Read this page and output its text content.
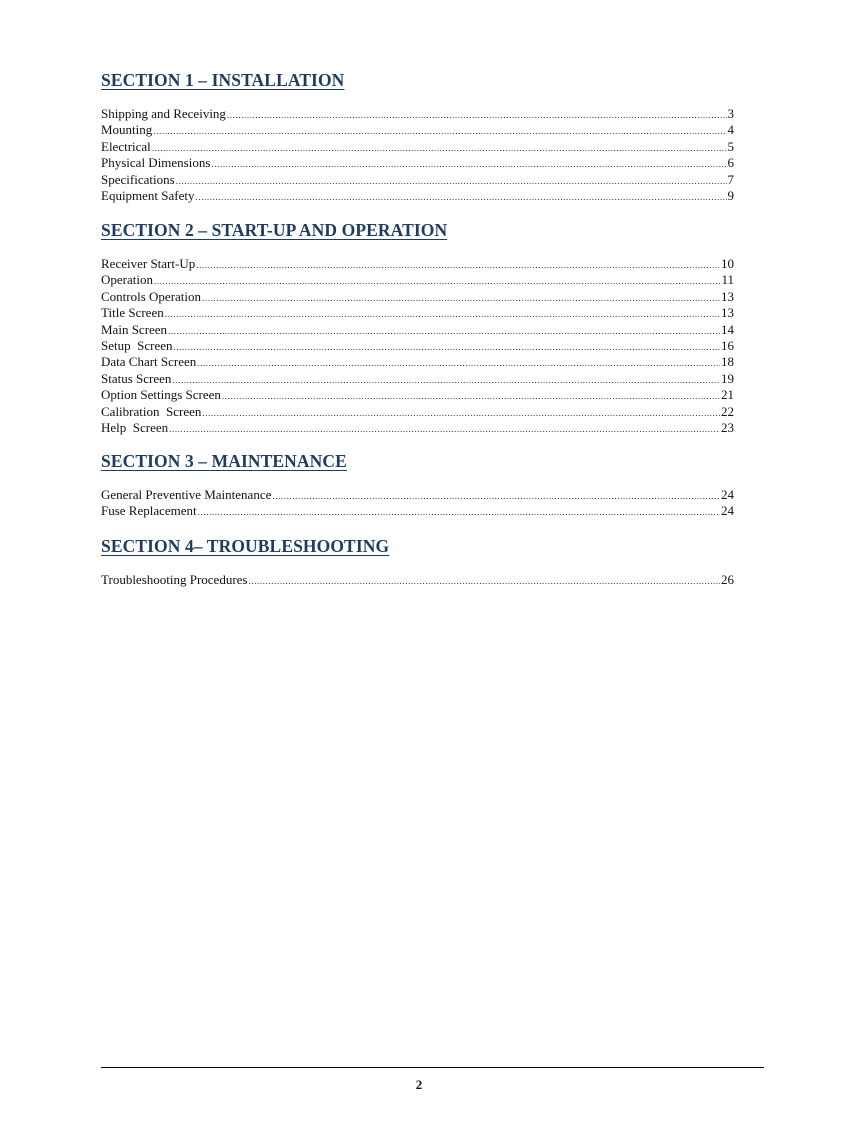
SECTION 1 – INSTALLATION
Shipping and Receiving .....	3
Mounting .....	4
Electrical .....	5
Physical Dimensions .....	6
Specifications .....	7
Equipment Safety .....	9
SECTION 2 – START-UP AND OPERATION
Receiver Start-Up .....	10
Operation .....	11
Controls Operation .....	13
Title Screen .....	13
Main Screen .....	14
Setup  Screen .....	16
Data Chart Screen .....	18
Status Screen .....	19
Option Settings Screen .....	21
Calibration  Screen .....	22
Help  Screen .....	23
SECTION 3 – MAINTENANCE
General Preventive Maintenance .....	24
Fuse Replacement .....	24
SECTION 4– TROUBLESHOOTING
Troubleshooting Procedures .....	26
2
